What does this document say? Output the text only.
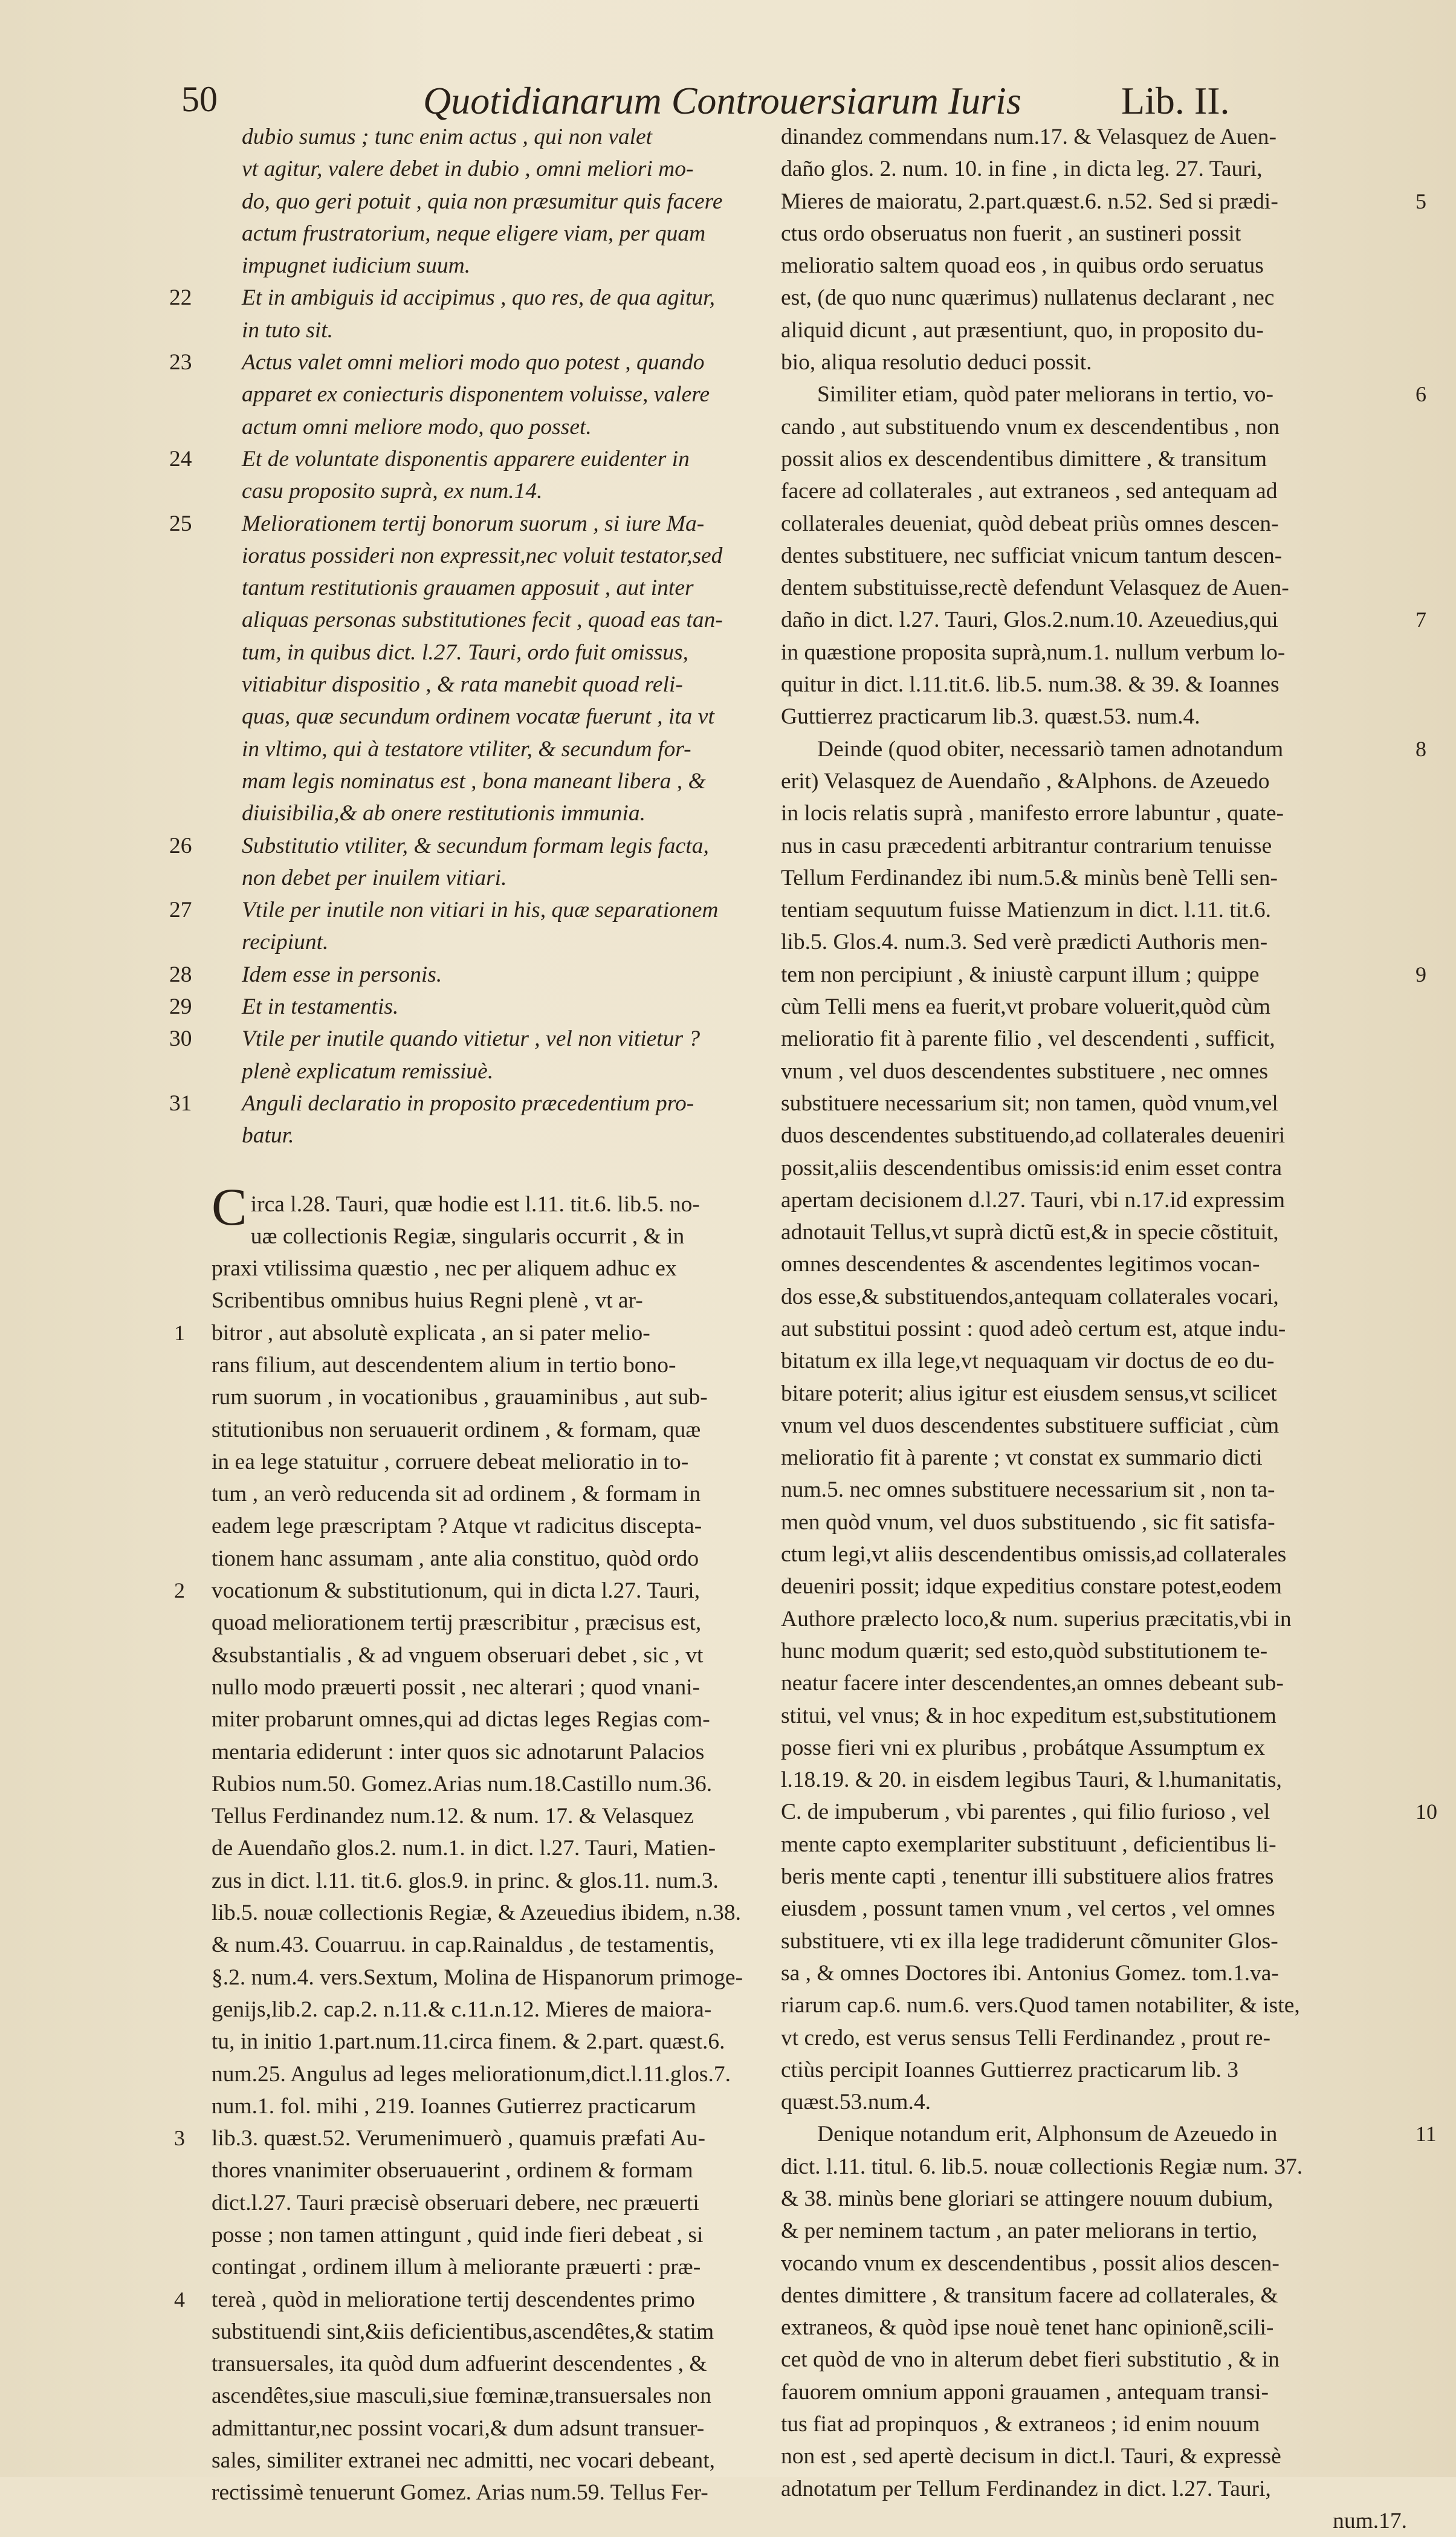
50	Quotidianarum Controuersiarum Iuris	Lib. II.
dubio sumus ; tunc enim actus , qui non valet
vt agitur, valere debet in dubio , omni meliori mo-
do, quo geri potuit , quia non præsumitur quis facere
actum frustratorium, neque eligere viam, per quam
impugnet iudicium suum.
22 Et in ambiguis id accipimus , quo res, de qua agitur,
in tuto sit.
23 Actus valet omni meliori modo quo potest , quando
apparet ex coniecturis disponentem voluisse, valere
actum omni meliore modo, quo posset.
24 Et de voluntate disponentis apparere euidenter in
casu proposito suprà, ex num.14.
25 Meliorationem tertij bonorum suorum , si iure Ma-
ioratus possideri non expressit,nec voluit testator,sed
tantum restitutionis grauamen apposuit , aut inter
aliquas personas substitutiones fecit , quoad eas tan-
tum, in quibus dict. l.27. Tauri, ordo fuit omissus,
vitiabitur dispositio , & rata manebit quoad reli-
quas, quæ secundum ordinem vocatæ fuerunt , ita vt
in vltimo, qui à testatore vtiliter, & secundum for-
mam legis nominatus est , bona maneant libera , &
diuisibilia,& ab onere restitutionis immunia.
26 Substitutio vtiliter, & secundum formam legis facta,
non debet per inuilem vitiari.
27 Vtile per inutile non vitiari in his, quæ separationem
recipiunt.
28 Idem esse in personis.
29 Et in testamentis.
30 Vtile per inutile quando vitietur , vel non vitietur ?
plenè explicatum remissiuè.
31 Anguli declaratio in proposito præcedentium pro-
batur.
Circa l.28. Tauri, quæ hodie est l.11. tit.6. lib.5. no-
uæ collectionis Regiæ, singularis occurrit , & in
praxi vtilissima quæstio , nec per aliquem adhuc ex
Scribentibus omnibus huius Regni plenè , vt ar-
1 bitror , aut absolutè explicata , an si pater melio-
rans filium, aut descendentem alium in tertio bono-
rum suorum , in vocationibus , grauaminibus , aut sub-
stitutionibus non seruauerit ordinem , & formam, quæ
in ea lege statuitur , corruere debeat melioratio in to-
tum , an verò reducenda sit ad ordinem , & formam in
eadem lege præscriptam ? Atque vt radicitus discepta-
tionem hanc assumam , ante alia constituo, quòd ordo
2 vocationum & substitutionum, qui in dicta l.27. Tauri,
quoad meliorationem tertij præscribitur , præcisus est,
&substantialis , & ad vnguem obseruari debet , sic , vt
nullo modo præuerti possit , nec alterari ; quod vnani-
miter probarunt omnes,qui ad dictas leges Regias com-
mentaria ediderunt : inter quos sic adnotarunt Palacios
Rubios num.50. Gomez.Arias num.18.Castillo num.36.
Tellus Ferdinandez num.12. & num. 17. & Velasquez
de Auendaño glos.2. num.1. in dict. l.27. Tauri, Matien-
zus in dict. l.11. tit.6. glos.9. in princ. & glos.11. num.3.
lib.5. nouæ collectionis Regiæ, & Azeuedius ibidem, n.38.
& num.43. Couarruu. in cap.Rainaldus , de testamentis,
§.2. num.4. vers.Sextum, Molina de Hispanorum primoge-
genijs,lib.2. cap.2. n.11.& c.11.n.12. Mieres de maiora-
tu, in initio 1.part.num.11.circa finem. & 2.part. quæst.6.
num.25. Angulus ad leges meliorationum,dict.l.11.glos.7.
num.1. fol. mihi , 219. Ioannes Gutierrez practicarum
3 lib.3. quæst.52. Verumenimuerò , quamuis præfati Au-
thores vnanimiter obseruauerint , ordinem & formam
dict.l.27. Tauri præcisè obseruari debere, nec præuerti
posse ; non tamen attingunt , quid inde fieri debeat , si
contingat , ordinem illum à meliorante præuerti : præ-
4 tereà , quòd in melioratione tertij descendentes primo
substituendi sint,&iis deficientibus,ascendêtes,& statim
transuersales, ita quòd dum adfuerint descendentes , &
ascendêtes,siue masculi,siue fœminæ,transuersales non
admittantur,nec possint vocari,& dum adsunt transuer-
sales, similiter extranei nec admitti, nec vocari debeant,
rectissimè tenuerunt Gomez. Arias num.59. Tellus Fer-
dinandez commendans num.17. & Velasquez de Auen-
daño glos. 2. num. 10. in fine , in dicta leg. 27. Tauri,
Mieres de maioratu, 2.part.quæst.6. n.52. Sed si prædi-	5
ctus ordo obseruatus non fuerit , an sustineri possit
melioratio saltem quoad eos , in quibus ordo seruatus
est, (de quo nunc quærimus) nullatenus declarant , nec
aliquid dicunt , aut præsentiunt, quo, in proposito du-
bio, aliqua resolutio deduci possit.
Similiter etiam, quòd pater meliorans in tertio, vo-	6
cando , aut substituendo vnum ex descendentibus , non
possit alios ex descendentibus dimittere , & transitum
facere ad collaterales , aut extraneos , sed antequam ad
collaterales deueniat, quòd debeat priùs omnes descen-
dentes substituere, nec sufficiat vnicum tantum descen-
dentem substituisse,rectè defendunt Velasquez de Auen-
daño in dict. l.27. Tauri, Glos.2.num.10. Azeuedius,qui	7
in quæstione proposita suprà,num.1. nullum verbum lo-
quitur in dict. l.11.tit.6. lib.5. num.38. & 39. & Ioannes
Guttierrez practicarum lib.3. quæst.53. num.4.
Deinde (quod obiter, necessariò tamen adnotandum	8
erit) Velasquez de Auendaño , &Alphons. de Azeuedo
in locis relatis suprà , manifesto errore labuntur , quate-
nus in casu præcedenti arbitrantur contrarium tenuisse
Tellum Ferdinandez ibi num.5.& minùs benè Telli sen-
tentiam sequutum fuisse Matienzum in dict. l.11. tit.6.
lib.5. Glos.4. num.3. Sed verè prædicti Authoris men-
tem non percipiunt , & iniustè carpunt illum ; quippe	9
cùm Telli mens ea fuerit,vt probare voluerit,quòd cùm
melioratio fit à parente filio , vel descendenti , sufficit,
vnum , vel duos descendentes substituere , nec omnes
substituere necessarium sit; non tamen, quòd vnum,vel
duos descendentes substituendo,ad collaterales deueniri
possit,aliis descendentibus omissis:id enim esset contra
apertam decisionem d.l.27. Tauri, vbi n.17.id expressim
adnotauit Tellus,vt suprà dictũ est,& in specie cõstituit,
omnes descendentes & ascendentes legitimos vocan-
dos esse,& substituendos,antequam collaterales vocari,
aut substitui possint : quod adeò certum est, atque indu-
bitatum ex illa lege,vt nequaquam vir doctus de eo du-
bitare poterit; alius igitur est eiusdem sensus,vt scilicet
vnum vel duos descendentes substituere sufficiat , cùm
melioratio fit à parente ; vt constat ex summario dicti
num.5. nec omnes substituere necessarium sit , non ta-
men quòd vnum, vel duos substituendo , sic fit satisfa-
ctum legi,vt aliis descendentibus omissis,ad collaterales
deueniri possit; idque expeditius constare potest,eodem
Authore prælecto loco,& num. superius præcitatis,vbi in
hunc modum quærit; sed esto,quòd substitutionem te-
neatur facere inter descendentes,an omnes debeant sub-
stitui, vel vnus; & in hoc expeditum est,substitutionem
posse fieri vni ex pluribus , probátque Assumptum ex
l.18.19. & 20. in eisdem legibus Tauri, & l.humanitatis,
C. de impuberum , vbi parentes , qui filio furioso , vel	10
mente capto exemplariter substituunt , deficientibus li-
beris mente capti , tenentur illi substituere alios fratres
eiusdem , possunt tamen vnum , vel certos , vel omnes
substituere, vti ex illa lege tradiderunt cõmuniter Glos-
sa , & omnes Doctores ibi. Antonius Gomez. tom.1.va-
riarum cap.6. num.6. vers.Quod tamen notabiliter, & iste,
vt credo, est verus sensus Telli Ferdinandez , prout re-
ctiùs percipit Ioannes Guttierrez practicarum lib. 3
quæst.53.num.4.
Denique notandum erit, Alphonsum de Azeuedo in	11
dict. l.11. titul. 6. lib.5. nouæ collectionis Regiæ num. 37.
& 38. minùs bene gloriari se attingere nouum dubium,
& per neminem tactum , an pater meliorans in tertio,
vocando vnum ex descendentibus , possit alios descen-
dentes dimittere , & transitum facere ad collaterales, &
extraneos, & quòd ipse nouè tenet hanc opinionẽ,scili-
cet quòd de vno in alterum debet fieri substitutio , & in
fauorem omnium apponi grauamen , antequam transi-
tus fiat ad propinquos , & extraneos ; id enim nouum
non est , sed apertè decisum in dict.l. Tauri, & expressè
adnotatum per Tellum Ferdinandez in dict. l.27. Tauri,
num.17.
